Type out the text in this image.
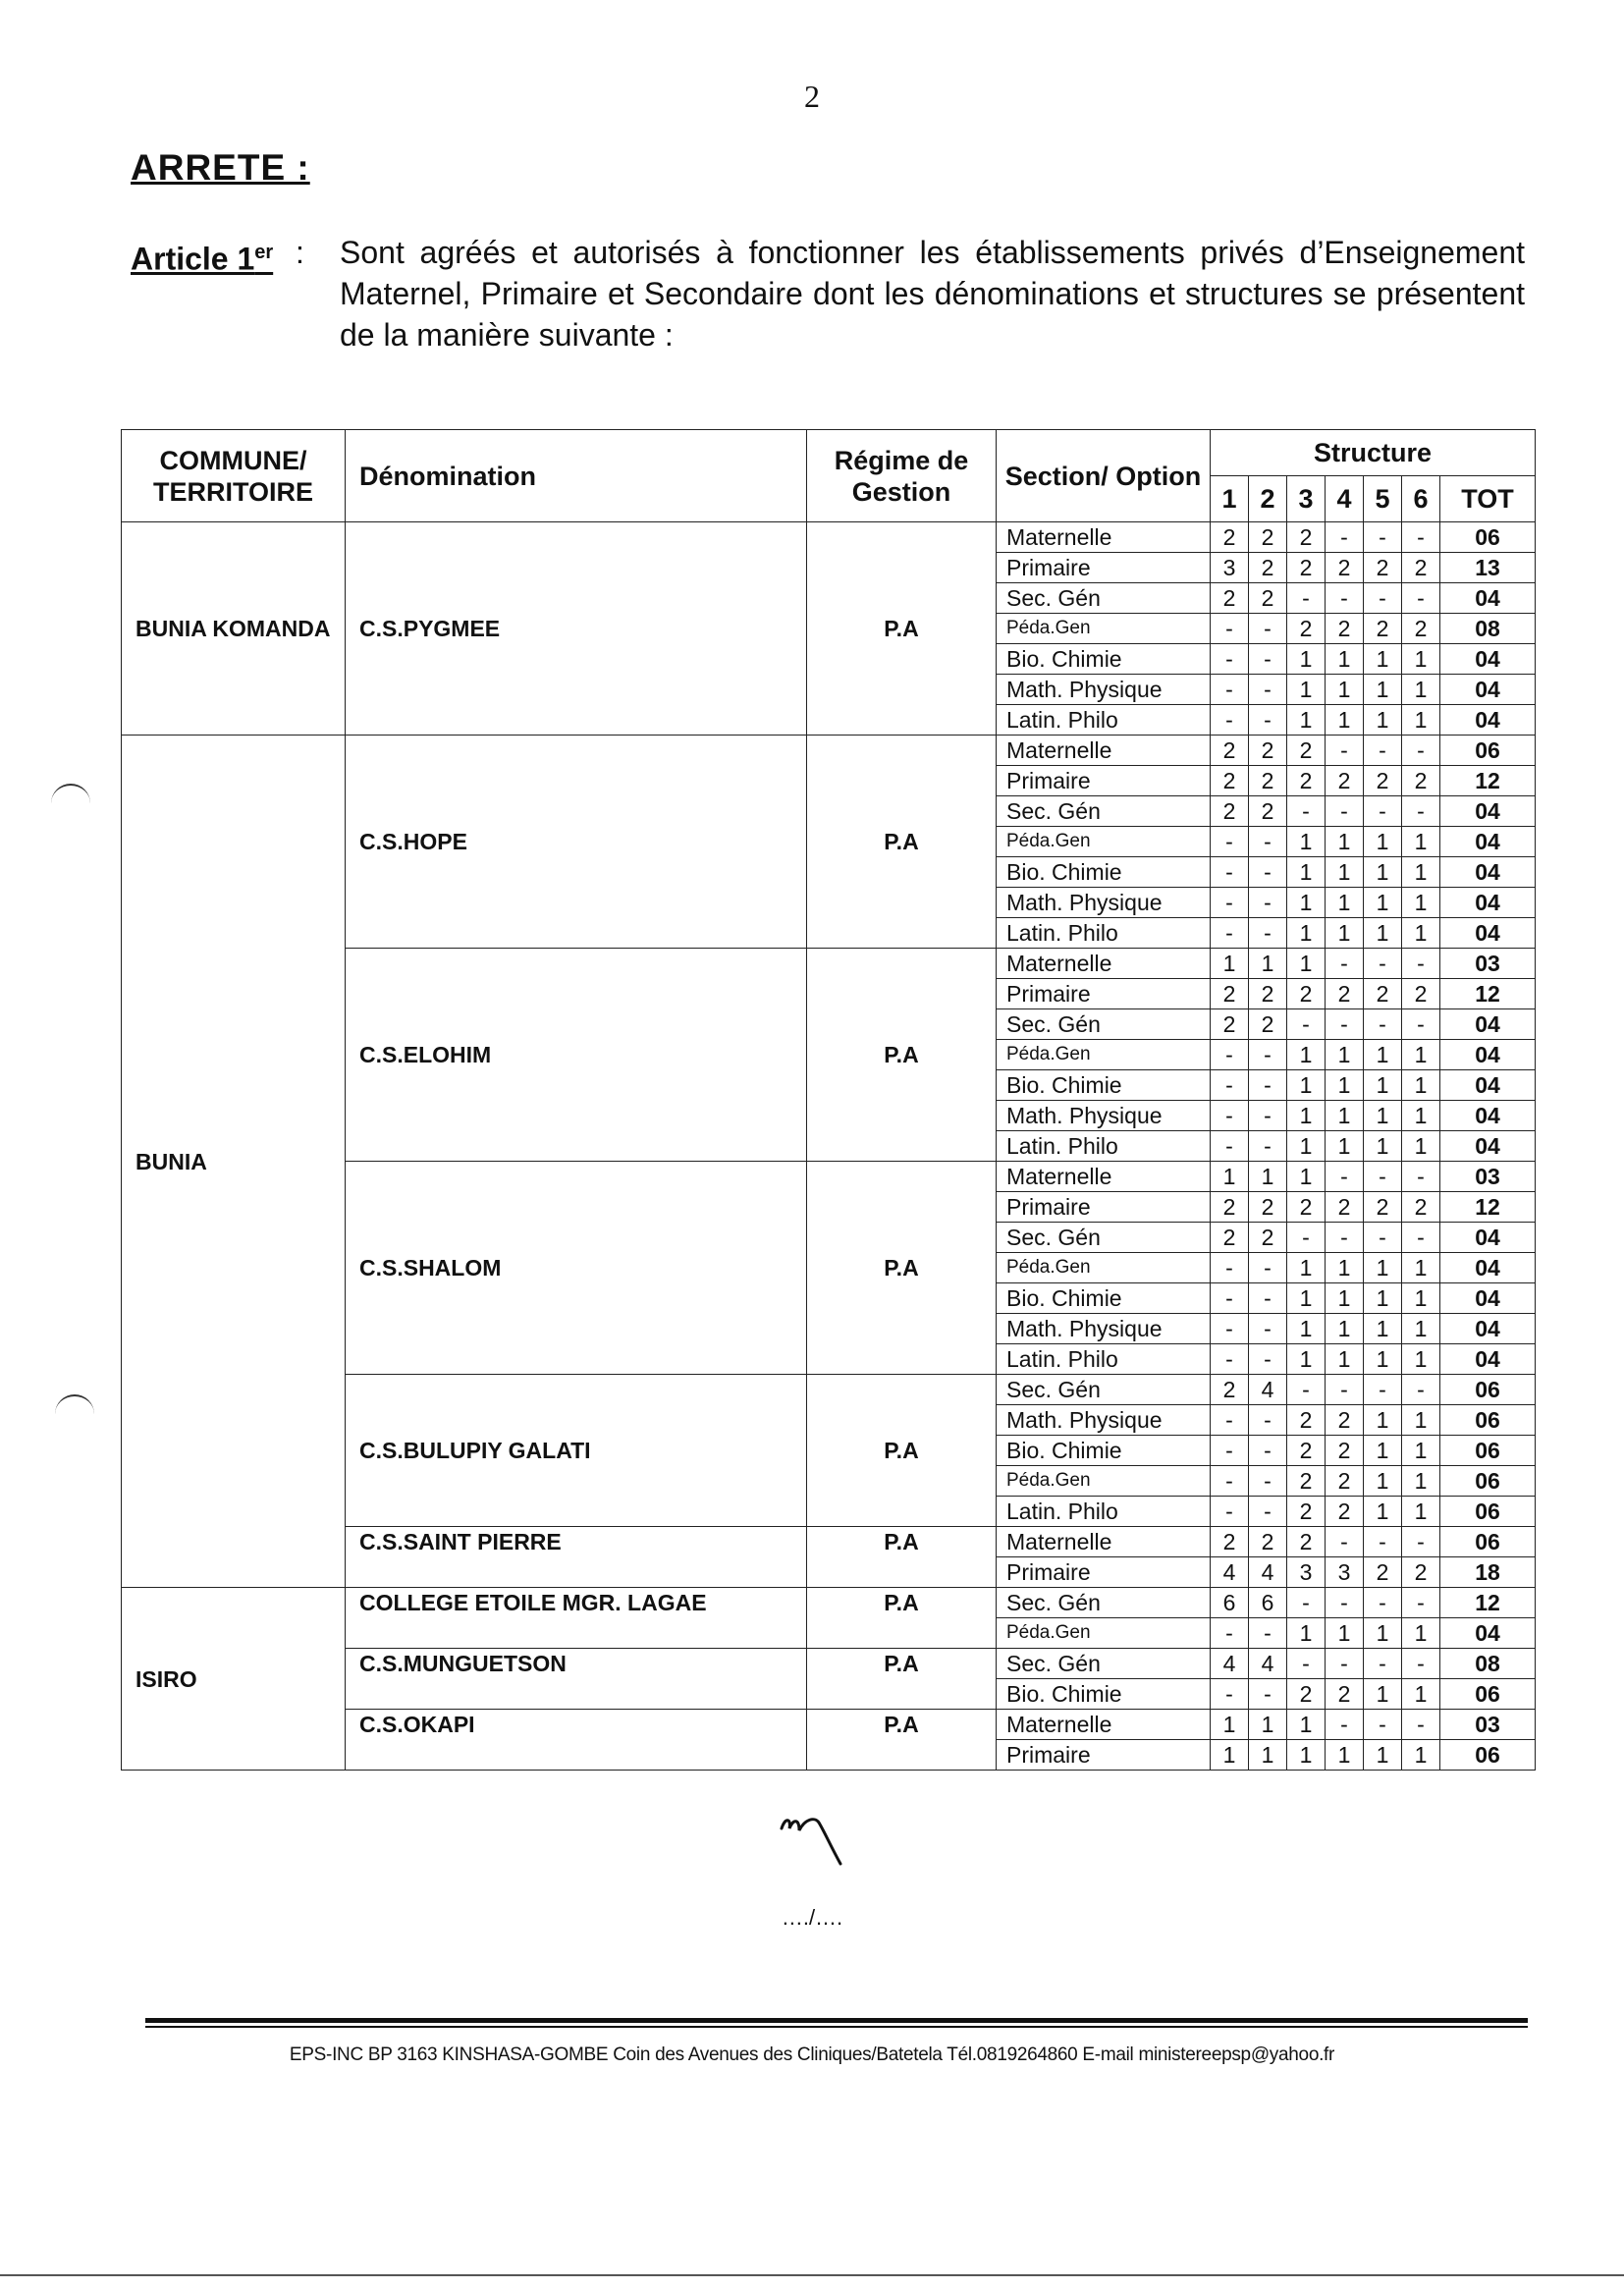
2
ARRETE :
Article 1er : Sont agréés et autorisés à fonctionner les établissements privés d’Enseignement Maternel, Primaire et Secondaire dont les dénominations et structures se présentent de la manière suivante :
COMMUNE/ TERRITOIRE	Dénomination	Régime de Gestion	Section/ Option	Structure						
				1	2	3	4	5	6	TOT
BUNIA KOMANDA	C.S.PYGMEE	P.A	Maternelle	2	2	2	-	-	-	06
			Primaire	3	2	2	2	2	2	13
			Sec. Gén	2	2	-	-	-	-	04
			Péda.Gen	-	-	2	2	2	2	08
			Bio. Chimie	-	-	1	1	1	1	04
			Math. Physique	-	-	1	1	1	1	04
			Latin. Philo	-	-	1	1	1	1	04
BUNIA	C.S.HOPE	P.A	Maternelle	2	2	2	-	-	-	06
			Primaire	2	2	2	2	2	2	12
			Sec. Gén	2	2	-	-	-	-	04
			Péda.Gen	-	-	1	1	1	1	04
			Bio. Chimie	-	-	1	1	1	1	04
			Math. Physique	-	-	1	1	1	1	04
			Latin. Philo	-	-	1	1	1	1	04
	C.S.ELOHIM	P.A	Maternelle	1	1	1	-	-	-	03
			Primaire	2	2	2	2	2	2	12
			Sec. Gén	2	2	-	-	-	-	04
			Péda.Gen	-	-	1	1	1	1	04
			Bio. Chimie	-	-	1	1	1	1	04
			Math. Physique	-	-	1	1	1	1	04
			Latin. Philo	-	-	1	1	1	1	04
	C.S.SHALOM	P.A	Maternelle	1	1	1	-	-	-	03
			Primaire	2	2	2	2	2	2	12
			Sec. Gén	2	2	-	-	-	-	04
			Péda.Gen	-	-	1	1	1	1	04
			Bio. Chimie	-	-	1	1	1	1	04
			Math. Physique	-	-	1	1	1	1	04
			Latin. Philo	-	-	1	1	1	1	04
	C.S.BULUPIY GALATI	P.A	Sec. Gén	2	4	-	-	-	-	06
			Math. Physique	-	-	2	2	1	1	06
			Bio. Chimie	-	-	2	2	1	1	06
			Péda.Gen	-	-	2	2	1	1	06
			Latin. Philo	-	-	2	2	1	1	06
	C.S.SAINT PIERRE	P.A	Maternelle	2	2	2	-	-	-	06
			Primaire	4	4	3	3	2	2	18
ISIRO	COLLEGE ETOILE MGR. LAGAE	P.A	Sec. Gén	6	6	-	-	-	-	12
			Péda.Gen	-	-	1	1	1	1	04
	C.S.MUNGUETSON	P.A	Sec. Gén	4	4	-	-	-	-	08
			Bio. Chimie	-	-	2	2	1	1	06
	C.S.OKAPI	P.A	Maternelle	1	1	1	-	-	-	03
			Primaire	1	1	1	1	1	1	06
…./….
EPS-INC BP 3163 KINSHASA-GOMBE Coin des Avenues des Cliniques/Batetela Tél.0819264860 E-mail ministereepsp@yahoo.fr
